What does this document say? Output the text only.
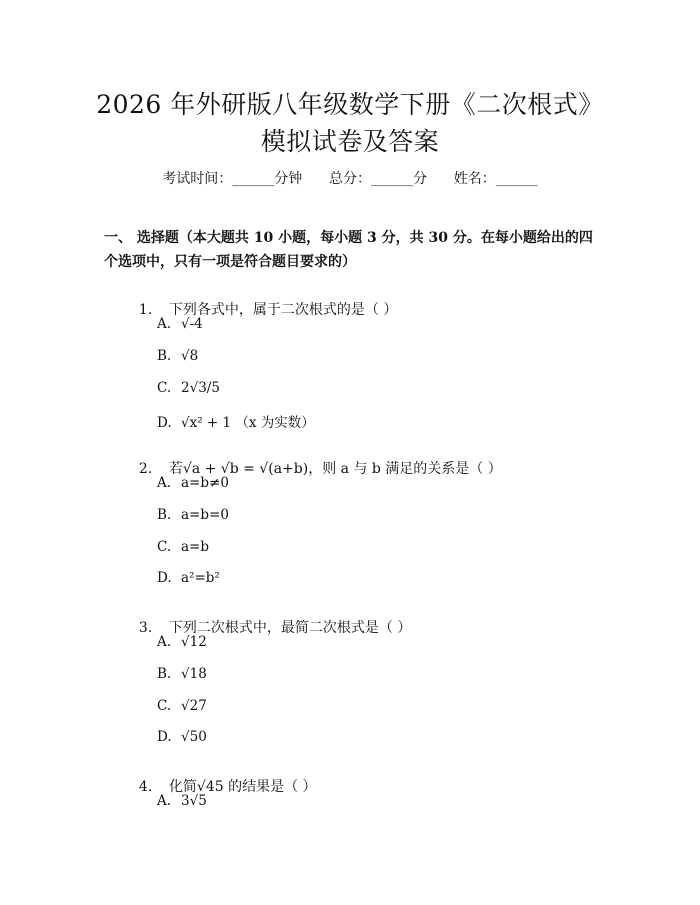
2026 年外研版八年级数学下册《二次根式》
模拟试卷及答案
考试时间：______分钟      总分：______分      姓名：______
一、 选择题（本大题共 10 小题，每小题 3 分，共 30 分。在每小题给出的四个选项中，只有一项是符合题目要求的）

1. 下列各式中，属于二次根式的是（ ）

A. √-4
B. √8
C. 2√3/5
D. √x² + 1 （x 为实数）

2. 若√a + √b = √(a+b)，则 a 与 b 满足的关系是（ ）

A. a=b≠0
B. a=b=0
C. a=b
D. a²=b²

3. 下列二次根式中，最简二次根式是（ ）

A. √12
B. √18
C. √27
D. √50

4. 化简√45 的结果是（ ）

A. 3√5
